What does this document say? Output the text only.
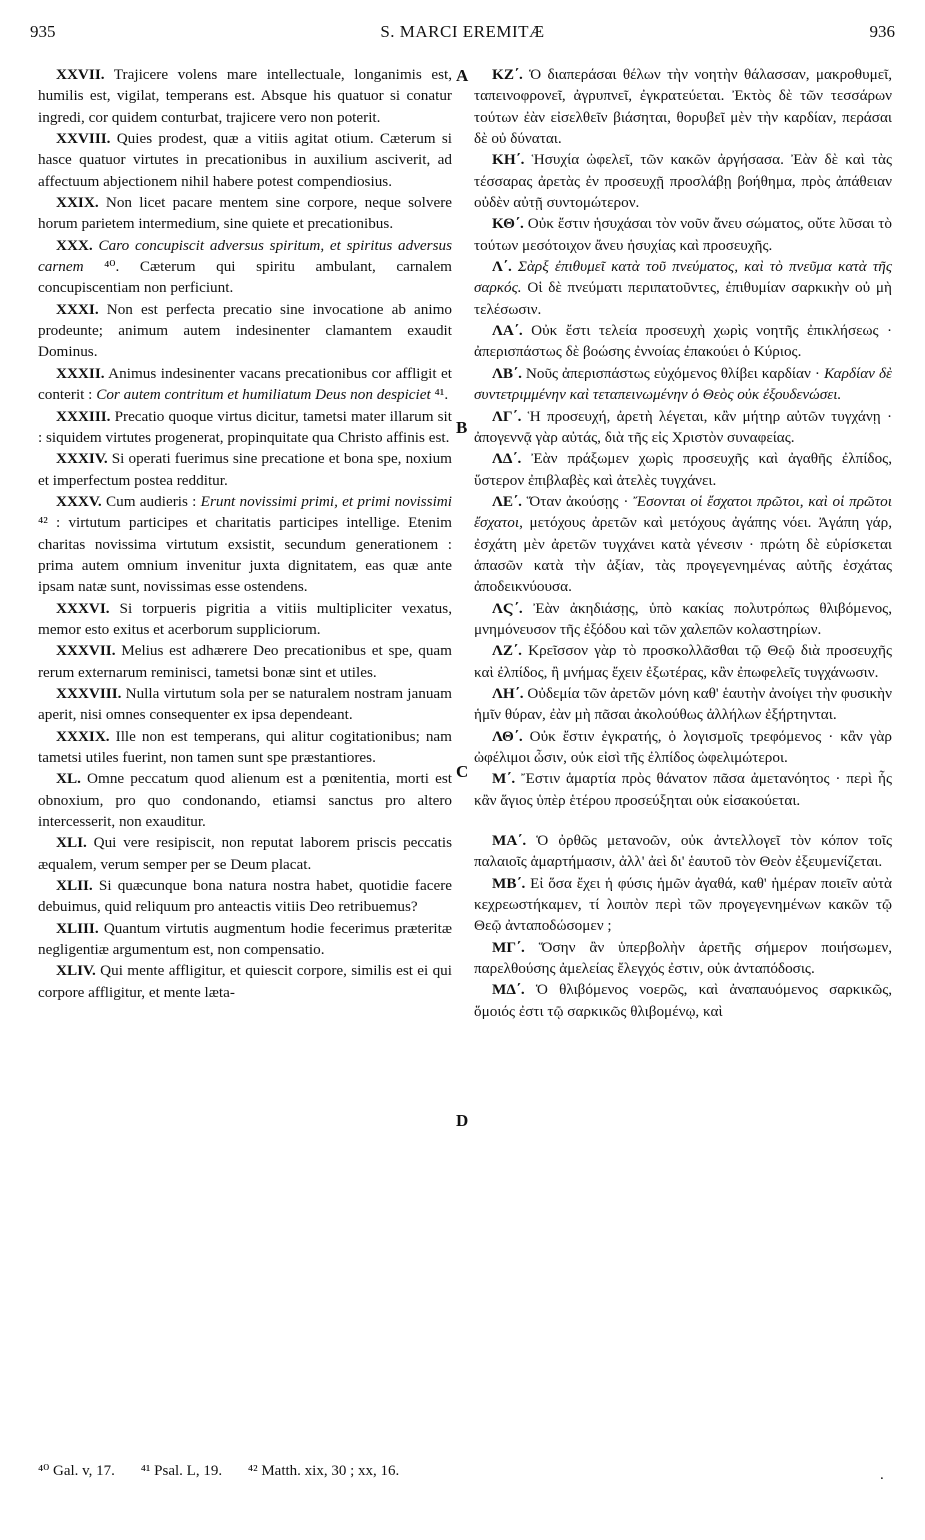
935	S. MARCI EREMITÆ	936

XXVII. Trajicere volens mare intellectuale, longanimis est, humilis est, vigilat, temperans est. Absque his quatuor si conatur ingredi, cor quidem conturbat, trajicere vero non poterit.

XXVIII. Quies prodest, quæ a vitiis agitat otium. Cæterum si hasce quatuor virtutes in precationibus in auxilium asciverit, ad affectuum abjectionem nihil habere potest compendiosius.

XXIX. Non licet pacare mentem sine corpore, neque solvere horum parietem intermedium, sine quiete et precationibus.

XXX. Caro concupiscit adversus spiritum, et spiritus adversus carnem ⁴⁰. Cæterum qui spiritu ambulant, carnalem concupiscentiam non perficiunt.

XXXI. Non est perfecta precatio sine invocatione ab animo prodeunte; animum autem indesinenter clamantem exaudit Dominus.

XXXII. Animus indesinenter vacans precationibus cor affligit et conterit : Cor autem contritum et humiliatum Deus non despiciet ⁴¹.

XXXIII. Precatio quoque virtus dicitur, tametsi mater illarum sit : siquidem virtutes progenerat, propinquitate qua Christo affinis est.

XXXIV. Si operati fuerimus sine precatione et bona spe, noxium et imperfectum postea redditur.

XXXV. Cum audieris : Erunt novissimi primi, et primi novissimi ⁴² : virtutum participes et charitatis participes intellige. Etenim charitas novissima virtutum exsistit, secundum generationem : prima autem omnium invenitur juxta dignitatem, eas quæ ante ipsam natæ sunt, novissimas esse ostendens.

XXXVI. Si torpueris pigritia a vitiis multipliciter vexatus, memor esto exitus et acerborum suppliciorum.

XXXVII. Melius est adhærere Deo precationibus et spe, quam rerum externarum reminisci, tametsi bonæ sint et utiles.

XXXVIII. Nulla virtutum sola per se naturalem nostram januam aperit, nisi omnes consequenter ex ipsa dependeant.

XXXIX. Ille non est temperans, qui alitur cogitationibus; nam tametsi utiles fuerint, non tamen sunt spe præstantiores.

XL. Omne peccatum quod alienum est a pœnitentia, morti est obnoxium, pro quo condonando, etiamsi sanctus pro altero intercesserit, non exauditur.

XLI. Qui vere resipiscit, non reputat laborem priscis peccatis æqualem, verum semper per se Deum placat.

XLII. Si quæcunque bona natura nostra habet, quotidie facere debuimus, quid reliquum pro anteactis vitiis Deo retribuemus?

XLIII. Quantum virtutis augmentum hodie fecerimus præteritæ negligentiæ argumentum est, non compensatio.

XLIV. Qui mente affligitur, et quiescit corpore, similis est ei qui corpore affligitur, et mente læta-

ΚΖ΄. Ὁ διαπεράσαι θέλων τὴν νοητὴν θάλασσαν, μακροθυμεῖ, ταπεινοφρονεῖ, ἀγρυπνεῖ, ἐγκρατεύεται. Ἐκτὸς δὲ τῶν τεσσάρων τούτων ἐὰν εἰσελθεῖν βιάσηται, θορυβεῖ μὲν τὴν καρδίαν, περάσαι δὲ οὐ δύναται.

ΚΗ΄. Ἡσυχία ὠφελεῖ, τῶν κακῶν ἀργήσασα. Ἐὰν δὲ καὶ τὰς τέσσαρας ἀρετὰς ἐν προσευχῇ προσλάβῃ βοήθημα, πρὸς ἀπάθειαν οὐδὲν αὐτῇ συντομώτερον.

ΚΘ΄. Οὐκ ἔστιν ἡσυχάσαι τὸν νοῦν ἄνευ σώματος, οὔτε λῦσαι τὸ τούτων μεσότοιχον ἄνευ ἡσυχίας καὶ προσευχῆς.

Λ΄. Σὰρξ ἐπιθυμεῖ κατὰ τοῦ πνεύματος, καὶ τὸ πνεῦμα κατὰ τῆς σαρκός. Οἱ δὲ πνεύματι περιπατοῦντες, ἐπιθυμίαν σαρκικὴν οὐ μὴ τελέσωσιν.

ΛΑ΄. Οὐκ ἔστι τελεία προσευχὴ χωρὶς νοητῆς ἐπικλήσεως · ἀπερισπάστως δὲ βοώσης ἐννοίας ἐπακούει ὁ Κύριος.

ΛΒ΄. Νοῦς ἀπερισπάστως εὐχόμενος θλίβει καρδίαν · Καρδίαν δὲ συντετριμμένην καὶ τεταπεινωμένην ὁ Θεὸς οὐκ ἐξουδενώσει.

ΛΓ΄. Ἡ προσευχή, ἀρετὴ λέγεται, κἂν μήτηρ αὐτῶν τυγχάνῃ · ἀπογεννᾷ γὰρ αὐτάς, διὰ τῆς εἰς Χριστὸν συναφείας.

ΛΔ΄. Ἐὰν πράξωμεν χωρὶς προσευχῆς καὶ ἀγαθῆς ἐλπίδος, ὕστερον ἐπιβλαβὲς καὶ ἀτελὲς τυγχάνει.

ΛΕ΄. Ὅταν ἀκούσῃς · Ἔσονται οἱ ἔσχατοι πρῶτοι, καὶ οἱ πρῶτοι ἔσχατοι, μετόχους ἀρετῶν καὶ μετόχους ἀγάπης νόει. Ἀγάπη γάρ, ἐσχάτη μὲν ἀρετῶν τυγχάνει κατὰ γένεσιν · πρώτη δὲ εὑρίσκεται ἁπασῶν κατὰ τὴν ἀξίαν, τὰς προγεγενημένας αὐτῆς ἐσχάτας ἀποδεικνύουσα.

ΛϚ΄. Ἐὰν ἀκηδιάσῃς, ὑπὸ κακίας πολυτρόπως θλιβόμενος, μνημόνευσον τῆς ἐξόδου καὶ τῶν χαλεπῶν κολαστηρίων.

ΛΖ΄. Κρεῖσσον γὰρ τὸ προσκολλᾶσθαι τῷ Θεῷ διὰ προσευχῆς καὶ ἐλπίδος, ἢ μνήμας ἔχειν ἐξωτέρας, κἂν ἐπωφελεῖς τυγχάνωσιν.

ΛΗ΄. Οὐδεμία τῶν ἀρετῶν μόνη καθ' ἑαυτὴν ἀνοίγει τὴν φυσικὴν ἡμῖν θύραν, ἐὰν μὴ πᾶσαι ἀκολούθως ἀλλήλων ἐξήρτηνται.

ΛΘ΄. Οὐκ ἔστιν ἐγκρατής, ὁ λογισμοῖς τρεφόμενος · κἂν γὰρ ὠφέλιμοι ὦσιν, οὐκ εἰσὶ τῆς ἐλπίδος ὠφελιμώτεροι.

Μ΄. Ἔστιν ἁμαρτία πρὸς θάνατον πᾶσα ἀμετανόητος · περὶ ἧς κἂν ἅγιος ὑπὲρ ἑτέρου προσεύξηται οὐκ εἰσακούεται.

ΜΑ΄. Ὁ ὀρθῶς μετανοῶν, οὐκ ἀντελλογεῖ τὸν κόπον τοῖς παλαιοῖς ἁμαρτήμασιν, ἀλλ' ἀεὶ δι' ἑαυτοῦ τὸν Θεὸν ἐξευμενίζεται.

ΜΒ΄. Εἰ ὅσα ἔχει ἡ φύσις ἡμῶν ἀγαθά, καθ' ἡμέραν ποιεῖν αὐτὰ κεχρεωστήκαμεν, τί λοιπὸν περὶ τῶν προγεγενημένων κακῶν τῷ Θεῷ ἀνταποδώσομεν ;

ΜΓ΄. Ὅσην ἂν ὑπερβολὴν ἀρετῆς σήμερον ποιήσωμεν, παρελθούσης ἀμελείας ἔλεγχός ἐστιν, οὐκ ἀνταπόδοσις.

ΜΔ΄. Ὁ θλιβόμενος νοερῶς, καὶ ἀναπαυόμενος σαρκικῶς, ὅμοιός ἐστι τῷ σαρκικῶς θλιβομένῳ, καὶ

A
B
C
D
⁴⁰ Gal. v, 17. ⁴¹ Psal. L, 19. ⁴² Matth. xix, 30 ; xx, 16.	.
